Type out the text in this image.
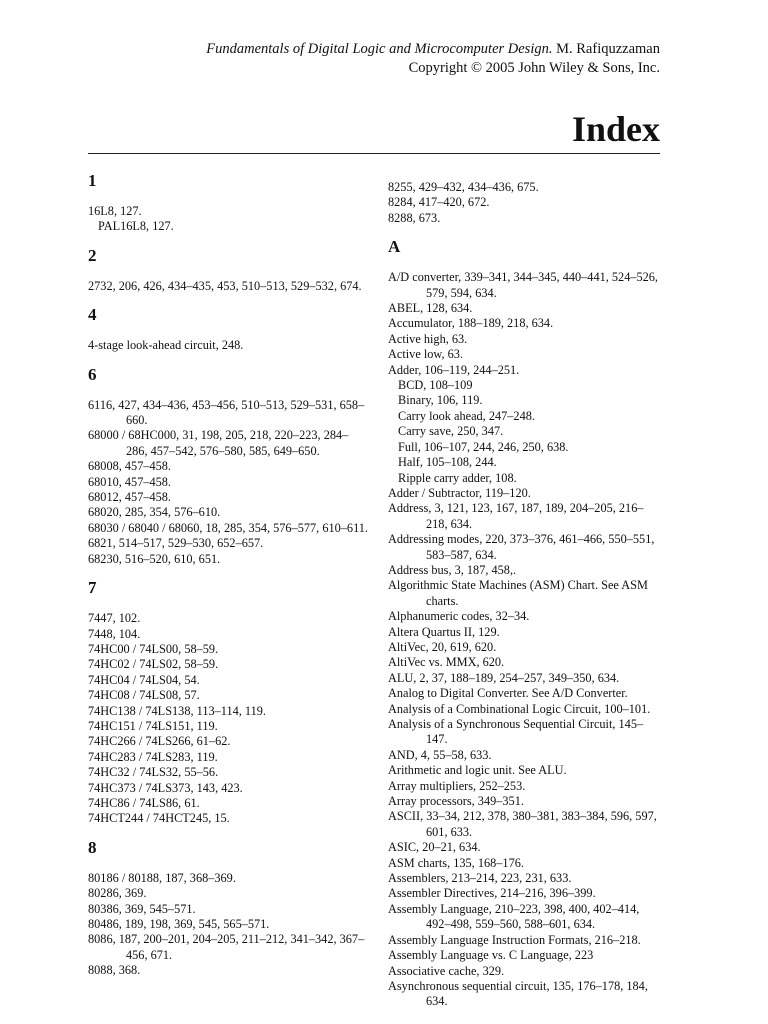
Fundamentals of Digital Logic and Microcomputer Design. M. Rafiquzzaman
Copyright © 2005 John Wiley & Sons, Inc.
Index
1
16L8, 127.
PAL16L8, 127.
2
2732, 206, 426, 434–435, 453, 510–513, 529–532, 674.
4
4-stage look-ahead circuit, 248.
6
6116, 427, 434–436, 453–456, 510–513, 529–531, 658–660.
68000 / 68HC000, 31, 198, 205, 218, 220–223, 284–286, 457–542, 576–580, 585, 649–650.
68008, 457–458.
68010, 457–458.
68012, 457–458.
68020, 285, 354, 576–610.
68030 / 68040 / 68060, 18, 285, 354, 576–577, 610–611.
6821, 514–517, 529–530, 652–657.
68230, 516–520, 610, 651.
7
7447, 102.
7448, 104.
74HC00 / 74LS00, 58–59.
74HC02 / 74LS02, 58–59.
74HC04 / 74LS04, 54.
74HC08 / 74LS08, 57.
74HC138 / 74LS138, 113–114, 119.
74HC151 / 74LS151, 119.
74HC266 / 74LS266, 61–62.
74HC283 / 74LS283, 119.
74HC32 / 74LS32, 55–56.
74HC373 / 74LS373, 143, 423.
74HC86 / 74LS86, 61.
74HCT244 / 74HCT245, 15.
8
80186 / 80188, 187, 368–369.
80286, 369.
80386, 369, 545–571.
80486, 189, 198, 369, 545, 565–571.
8086, 187, 200–201, 204–205, 211–212, 341–342, 367–456, 671.
8088, 368.
8255, 429–432, 434–436, 675.
8284, 417–420, 672.
8288, 673.
A
A/D converter, 339–341, 344–345, 440–441, 524–526, 579, 594, 634.
ABEL, 128, 634.
Accumulator, 188–189, 218, 634.
Active high, 63.
Active low, 63.
Adder, 106–119, 244–251.
BCD, 108–109
Binary, 106, 119.
Carry look ahead, 247–248.
Carry save, 250, 347.
Full, 106–107, 244, 246, 250, 638.
Half, 105–108, 244.
Ripple carry adder, 108.
Adder / Subtractor, 119–120.
Address, 3, 121, 123, 167, 187, 189, 204–205, 216–218, 634.
Addressing modes, 220, 373–376, 461–466, 550–551, 583–587, 634.
Address bus, 3, 187, 458,.
Algorithmic State Machines (ASM) Chart. See ASM charts.
Alphanumeric codes, 32–34.
Altera Quartus II, 129.
AltiVec, 20, 619, 620.
AltiVec vs. MMX, 620.
ALU, 2, 37, 188–189, 254–257, 349–350, 634.
Analog to Digital Converter. See A/D Converter.
Analysis of a Combinational Logic Circuit, 100–101.
Analysis of a Synchronous Sequential Circuit, 145–147.
AND, 4, 55–58, 633.
Arithmetic and logic unit. See ALU.
Array multipliers, 252–253.
Array processors, 349–351.
ASCII, 33–34, 212, 378, 380–381, 383–384, 596, 597, 601, 633.
ASIC, 20–21, 634.
ASM charts, 135, 168–176.
Assemblers, 213–214, 223, 231, 633.
Assembler Directives, 214–216, 396–399.
Assembly Language, 210–223, 398, 400, 402–414, 492–498, 559–560, 588–601, 634.
Assembly Language Instruction Formats, 216–218.
Assembly Language vs. C Language, 223
Associative cache, 329.
Asynchronous sequential circuit, 135, 176–178, 184, 634.
